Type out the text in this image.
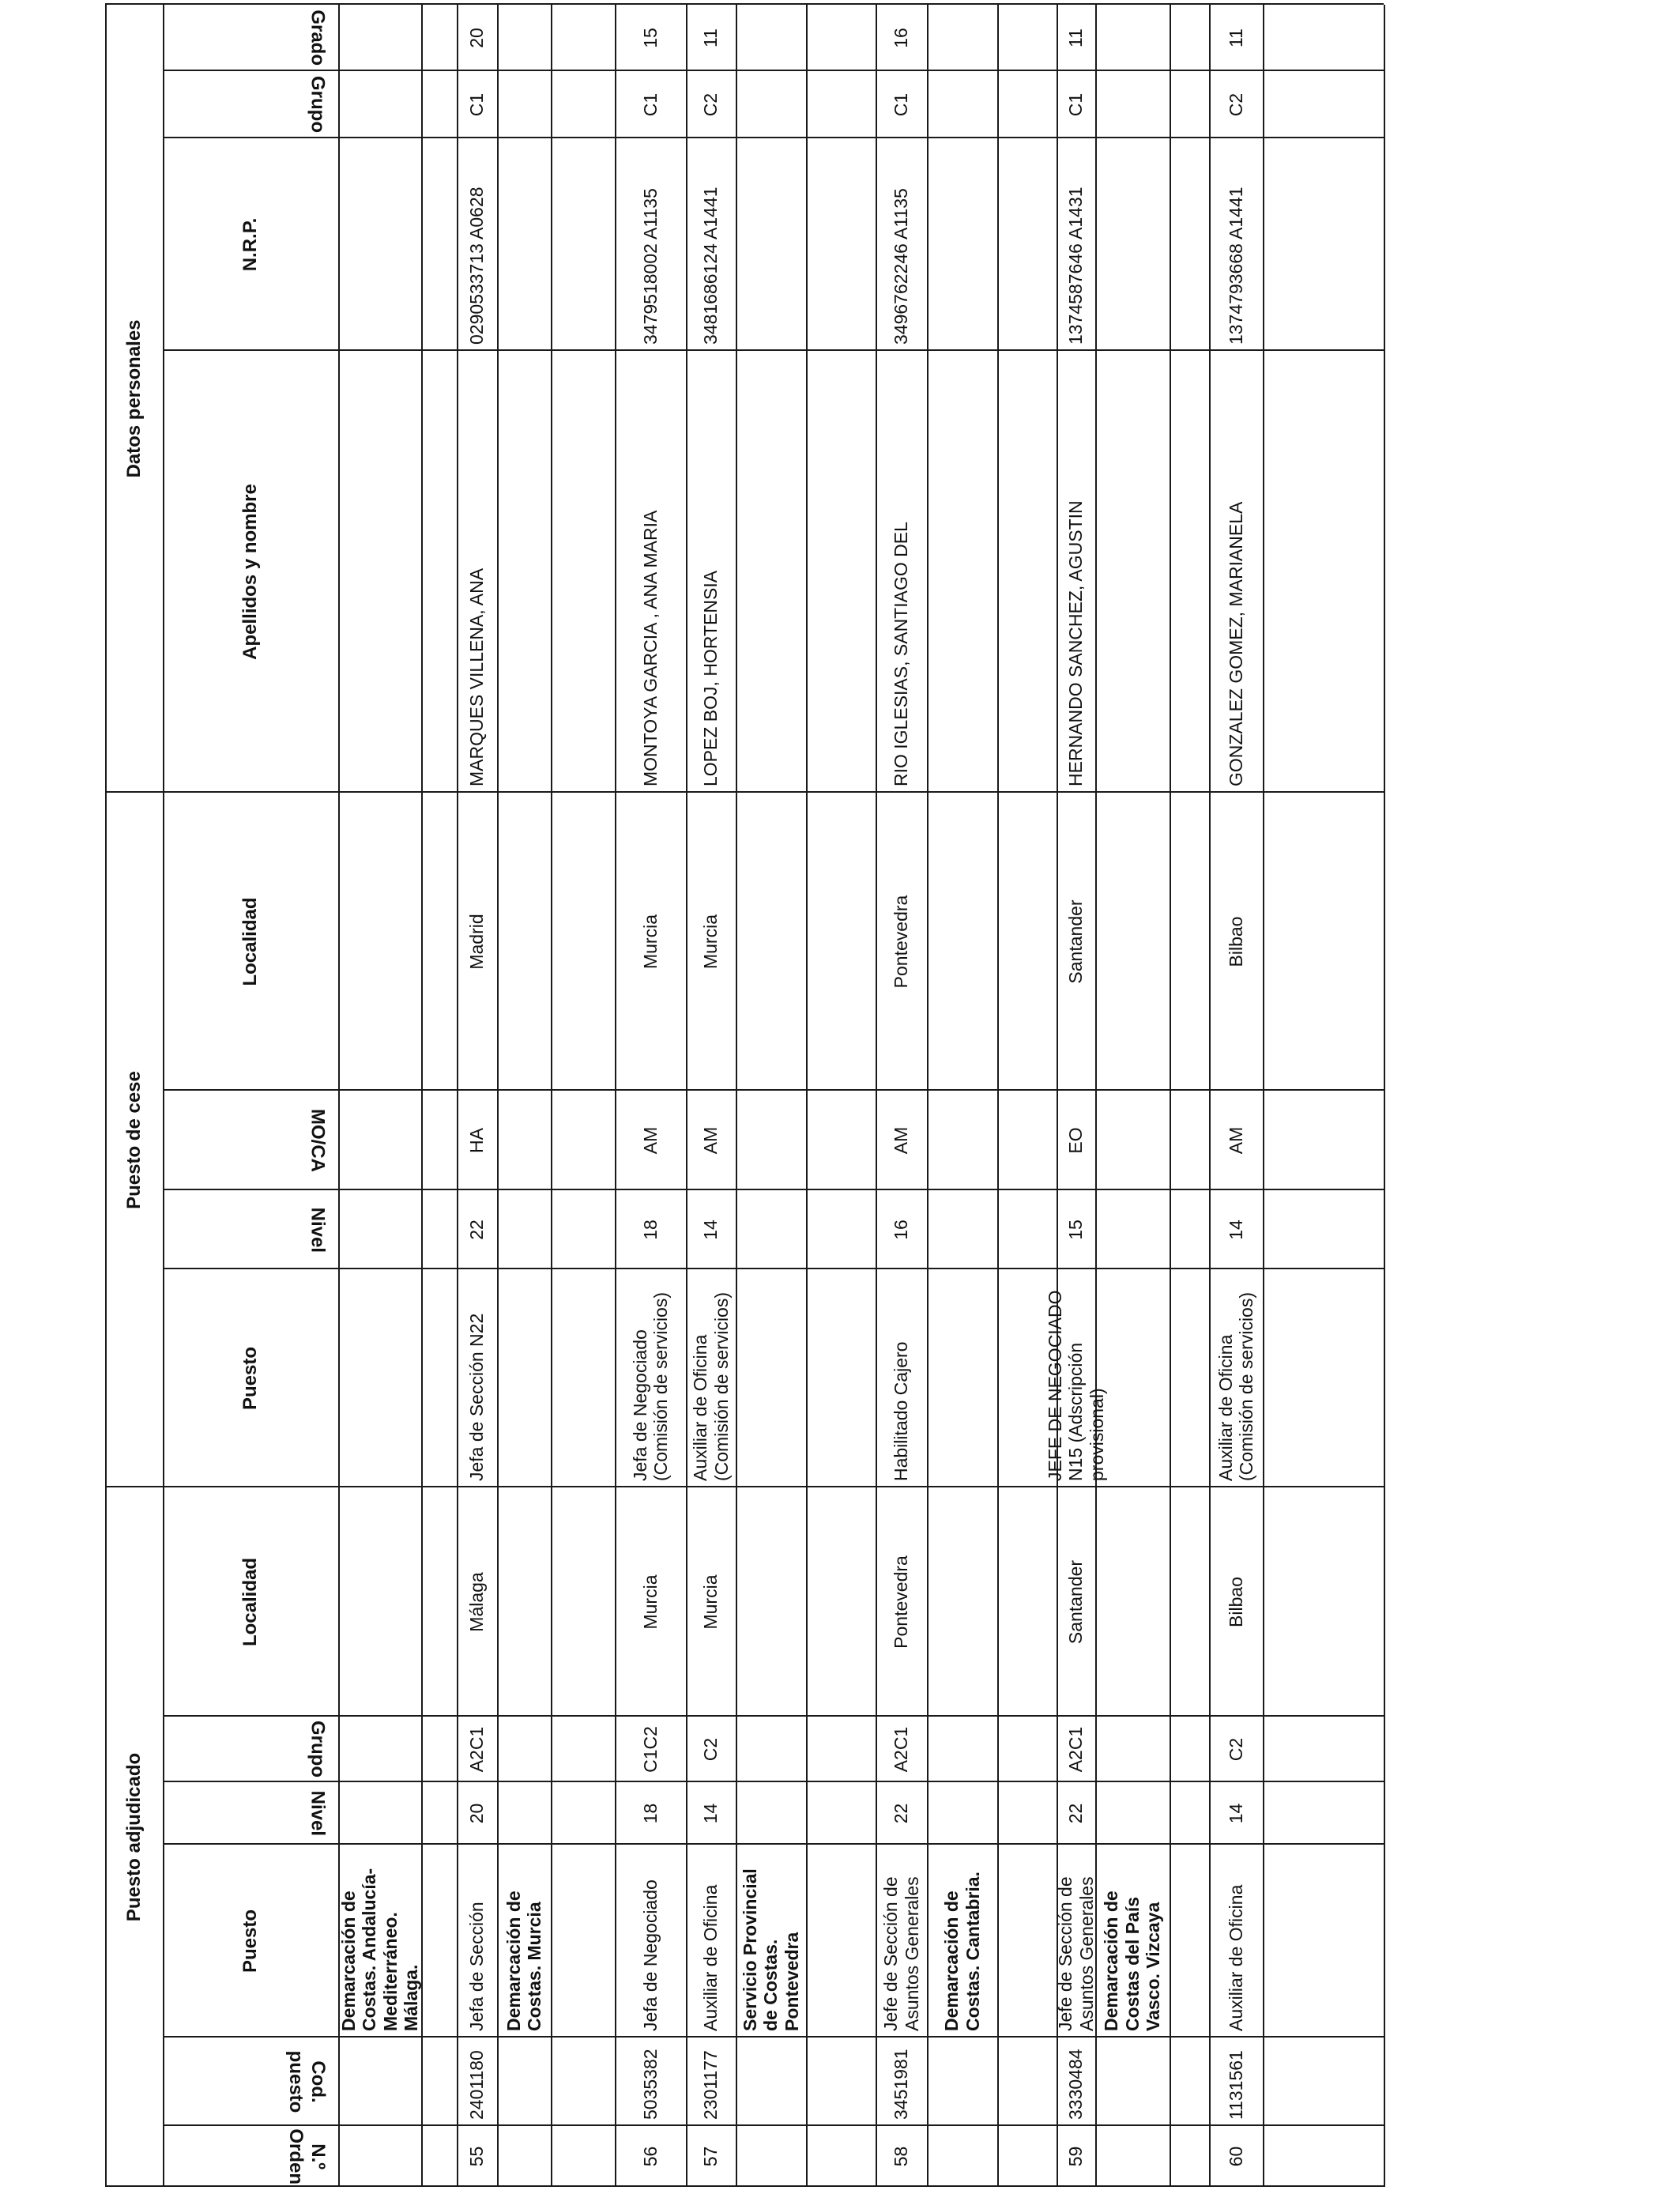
Puesto adjudicado
Puesto de cese
Datos personales
N.º Orden
Cod. puesto
Puesto
Nivel
Grupo
Localidad
Puesto
Nivel
MO/CA
Localidad
Apellidos y nombre
N.R.P.
Grupo
Grado
Demarcación de Costas. Andalucía-Mediterráneo. Málaga.
55
2401180
Jefa de Sección
20
A2C1
Málaga
Jefa de Sección N22
22
HA
Madrid
MARQUES VILLENA, ANA
0290533713 A0628
C1
20
Demarcación de Costas. Murcia
56
5035382
Jefa de Negociado
18
C1C2
Murcia
Jefa de Negociado (Comisión de servicios)
18
AM
Murcia
MONTOYA GARCIA , ANA MARIA
3479518002 A1135
C1
15
57
2301177
Auxiliar de Oficina
14
C2
Murcia
Auxiliar de Oficina (Comisión de servicios)
14
AM
Murcia
LOPEZ BOJ, HORTENSIA
3481686124 A1441
C2
11
Servicio Provincial de Costas. Pontevedra
58
3451981
Jefe de Sección de Asuntos Generales
22
A2C1
Pontevedra
Habilitado Cajero
16
AM
Pontevedra
RIO IGLESIAS, SANTIAGO DEL
3496762246 A1135
C1
16
Demarcación de Costas. Cantabria.
59
3330484
Jefe de Sección de Asuntos Generales
22
A2C1
Santander
JEFE DE NEGOCIADO N15 (Adscripción provisional)
15
EO
Santander
HERNANDO SANCHEZ, AGUSTIN
1374587646 A1431
C1
11
Demarcación de Costas del País Vasco. Vizcaya
60
1131561
Auxiliar de Oficina
14
C2
Bilbao
Auxiliar de Oficina (Comisión de servicios)
14
AM
Bilbao
GONZALEZ GOMEZ, MARIANELA
1374793668 A1441
C2
11
